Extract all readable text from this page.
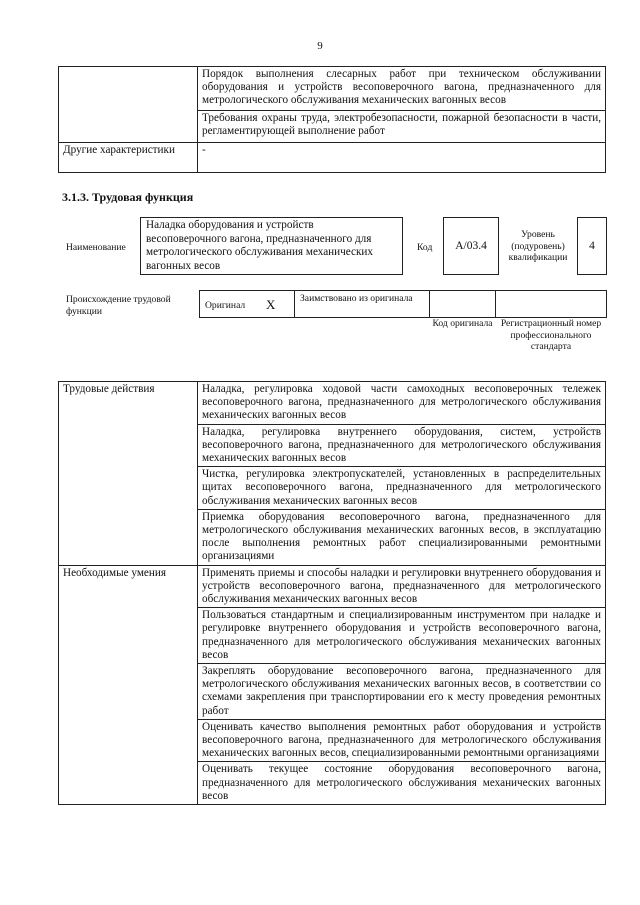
9
	Порядок выполнения слесарных работ при техническом обслуживании оборудования и устройств весоповерочного вагона, предназначенного для метрологического обслуживания механических вагонных весов
	Требования охраны труда, электробезопасности, пожарной безопасности в части, регламентирующей выполнение работ
Другие характеристики	-
3.1.3. Трудовая функция
Наименование
Наладка оборудования и устройств весоповерочного вагона, предназначенного для метрологического обслуживания механических вагонных весов
Код	А/03.4
Уровень (подуровень) квалификации
4
Происхождение трудовой функции	Оригинал Х	Заимствовано из оригинала
Код оригинала Регистрационный номер профессионального стандарта
Трудовые действия	Наладка, регулировка ходовой части самоходных весоповерочных тележек весоповерочного вагона, предназначенного для метрологического обслуживания механических вагонных весов
	Наладка, регулировка внутреннего оборудования, систем, устройств весоповерочного вагона, предназначенного для метрологического обслуживания механических вагонных весов
	Чистка, регулировка электропускателей, установленных в распределительных щитах весоповерочного вагона, предназначенного для метрологического обслуживания механических вагонных весов
	Приемка оборудования весоповерочного вагона, предназначенного для метрологического обслуживания механических вагонных весов, в эксплуатацию после выполнения ремонтных работ специализированными ремонтными организациями
Необходимые умения	Применять приемы и способы наладки и регулировки внутреннего оборудования и устройств весоповерочного вагона, предназначенного для метрологического обслуживания механических вагонных весов
	Пользоваться стандартным и специализированным инструментом при наладке и регулировке внутреннего оборудования и устройств весоповерочного вагона, предназначенного для метрологического обслуживания механических вагонных весов
	Закреплять оборудование весоповерочного вагона, предназначенного для метрологического обслуживания механических вагонных весов, в соответствии со схемами закрепления при транспортировании его к месту проведения ремонтных работ
	Оценивать качество выполнения ремонтных работ оборудования и устройств весоповерочного вагона, предназначенного для метрологического обслуживания механических вагонных весов, специализированными ремонтными организациями
	Оценивать текущее состояние оборудования весоповерочного вагона, предназначенного для метрологического обслуживания механических вагонных весов
